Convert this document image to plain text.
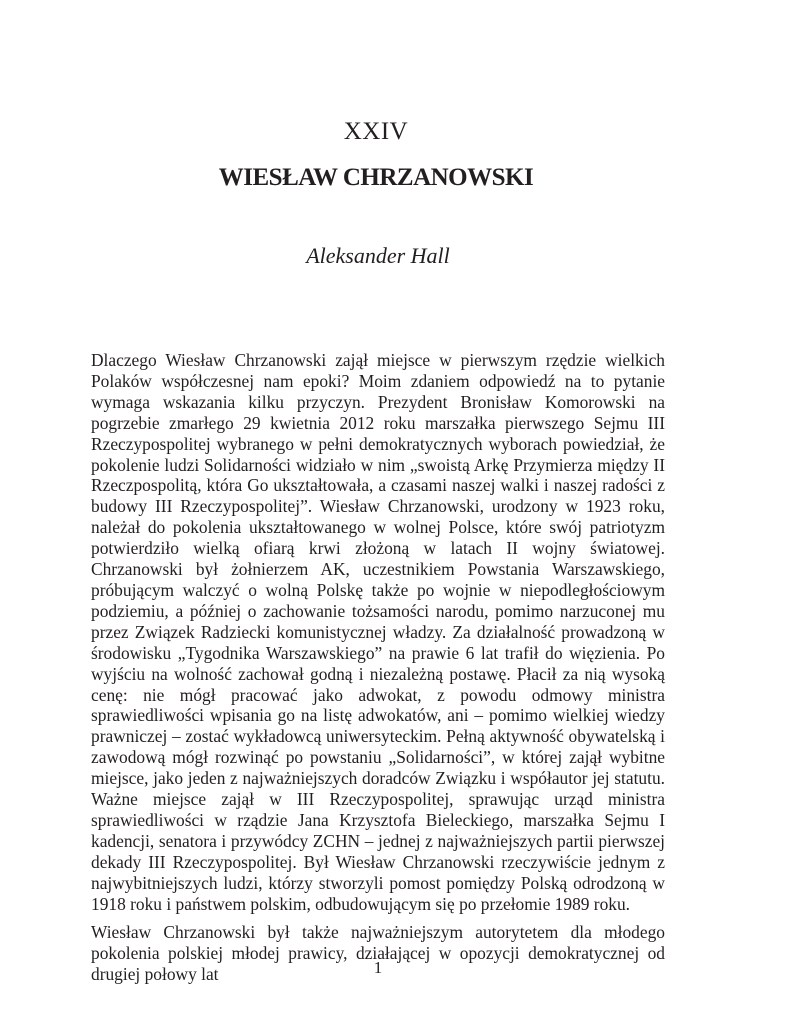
XXIV
WIESŁAW CHRZANOWSKI
Aleksander Hall

Dlaczego Wiesław Chrzanowski zajął miejsce w pierwszym rzędzie wielkich Polaków współczesnej nam epoki? Moim zdaniem odpowiedź na to pytanie wymaga wskazania kilku przyczyn. Prezydent Bronisław Komorowski na pogrzebie zmarłego 29 kwietnia 2012 roku marszałka pierwszego Sejmu III Rzeczypospolitej wybranego w pełni demokratycznych wyborach powiedział, że pokolenie ludzi Solidarności widziało w nim „swoistą Arkę Przymierza między II Rzeczpospolitą, która Go ukształtowała, a czasami naszej walki i naszej radości z budowy III Rzeczypospolitej”. Wiesław Chrzanowski, urodzony w 1923 roku, należał do pokolenia ukształtowanego w wolnej Polsce, które swój patriotyzm potwierdziło wielką ofiarą krwi złożoną w latach II wojny światowej. Chrzanowski był żołnierzem AK, uczestnikiem Powstania Warszawskiego, próbującym walczyć o wolną Polskę także po wojnie w niepodległościowym podziemiu, a później o zachowanie tożsamości narodu, pomimo narzuconej mu przez Związek Radziecki komunistycznej władzy. Za działalność prowadzoną w środowisku „Tygodnika Warszawskiego” na prawie 6 lat trafił do więzienia. Po wyjściu na wolność zachował godną i niezależną postawę. Płacił za nią wysoką cenę: nie mógł pracować jako adwokat, z powodu odmowy ministra sprawiedliwości wpisania go na listę adwokatów, ani – pomimo wielkiej wiedzy prawniczej – zostać wykładowcą uniwersyteckim. Pełną aktywność obywatelską i zawodową mógł rozwinąć po powstaniu „Solidarności”, w której zajął wybitne miejsce, jako jeden z najważniejszych doradców Związku i współautor jej statutu. Ważne miejsce zajął w III Rzeczypospolitej, sprawując urząd ministra sprawiedliwości w rządzie Jana Krzysztofa Bieleckiego, marszałka Sejmu I kadencji, senatora i przywódcy ZCHN – jednej z najważniejszych partii pierwszej dekady III Rzeczypospolitej. Był Wiesław Chrzanowski rzeczywiście jednym z najwybitniejszych ludzi, którzy stworzyli pomost pomiędzy Polską odrodzoną w 1918 roku i państwem polskim, odbudowującym się po przełomie 1989 roku.

Wiesław Chrzanowski był także najważniejszym autorytetem dla młodego pokolenia polskiej młodej prawicy, działającej w opozycji demokratycznej od drugiej połowy lat	1
